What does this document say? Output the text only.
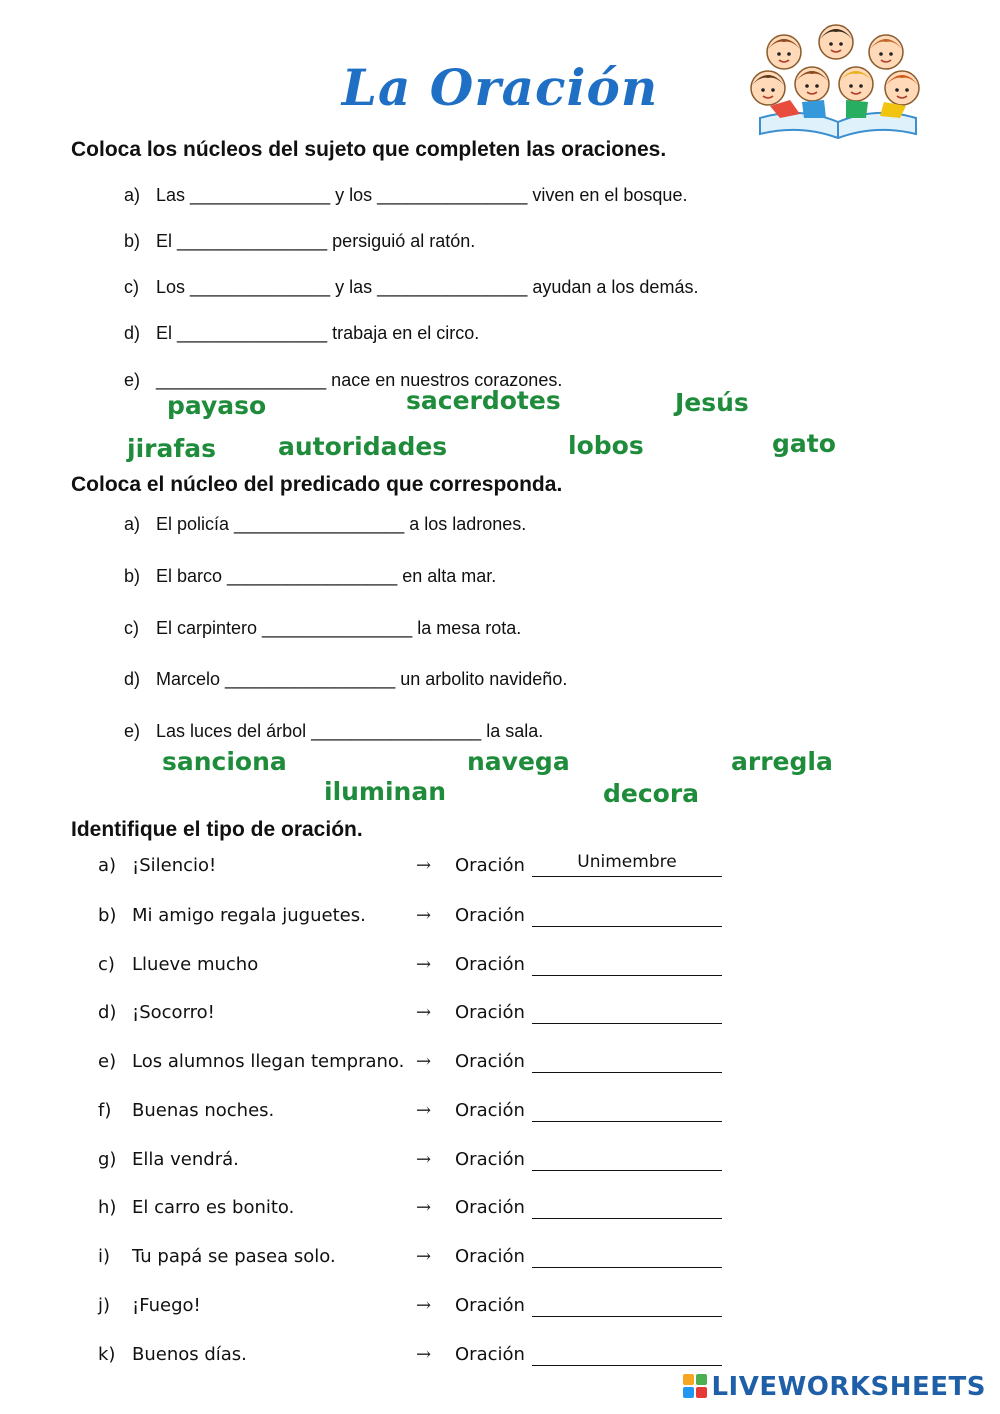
La Oración
Coloca los núcleos del sujeto que completen las oraciones.
a) Las ______________ y los _______________ viven en el bosque.
b) El _______________ persiguió al ratón.
c) Los ______________ y las _______________ ayudan a los demás.
d) El _______________ trabaja en el circo.
e) _________________ nace en nuestros corazones.
payaso	sacerdotes	Jesús
jirafas autoridades	lobos	gato
Coloca el núcleo del predicado que corresponda.
a) El policía _________________ a los ladrones.
b) El barco _________________ en alta mar.
c) El carpintero _______________ la mesa rota.
d) Marcelo _________________ un arbolito navideño.
e) Las luces del árbol _________________ la sala.
sanciona	navega	arregla
iluminan	decora
Identifique el tipo de oración.
a) ¡Silencio!	→ Oración	Unimembre
b) Mi amigo regala juguetes.	→ Oración
c) Llueve mucho	→ Oración
d) ¡Socorro!	→ Oración
e) Los alumnos llegan temprano. → Oración
f) Buenas noches.	→ Oración
g) Ella vendrá.	→ Oración
h) El carro es bonito.	→ Oración
i) Tu papá se pasea solo.	→ Oración
j) ¡Fuego!	→ Oración
k) Buenos días.	→ Oración
LIVEWORKSHEETS
